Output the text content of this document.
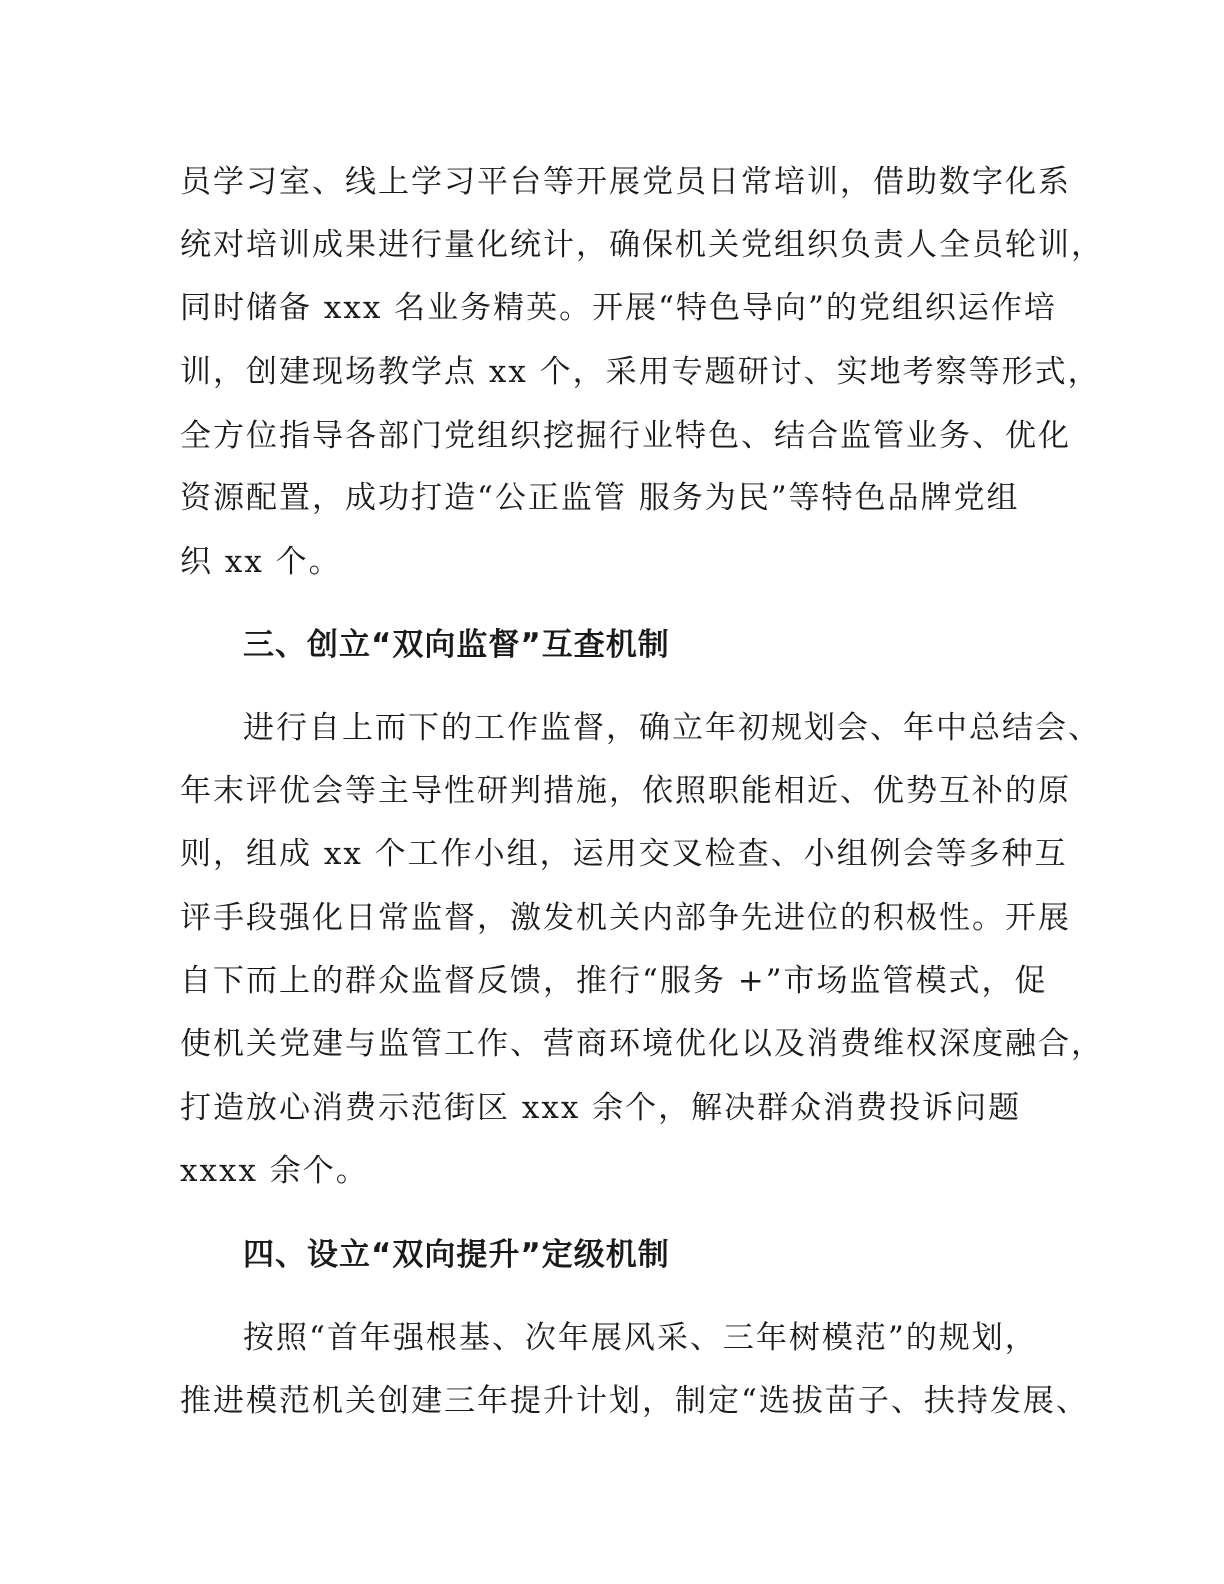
员学习室、线上学习平台等开展党员日常培训，借助数字化系
统对培训成果进行量化统计，确保机关党组织负责人全员轮训，
同时储备 xxx 名业务精英。开展“特色导向”的党组织运作培
训，创建现场教学点 xx 个，采用专题研讨、实地考察等形式，
全方位指导各部门党组织挖掘行业特色、结合监管业务、优化
资源配置，成功打造“公正监管 服务为民”等特色品牌党组
织 xx 个。
三、创立“双向监督”互查机制
进行自上而下的工作监督，确立年初规划会、年中总结会、
年末评优会等主导性研判措施，依照职能相近、优势互补的原
则，组成 xx 个工作小组，运用交叉检查、小组例会等多种互
评手段强化日常监督，激发机关内部争先进位的积极性。开展
自下而上的群众监督反馈，推行“服务 +”市场监管模式，促
使机关党建与监管工作、营商环境优化以及消费维权深度融合，
打造放心消费示范街区 xxx 余个，解决群众消费投诉问题
xxxx 余个。
四、设立“双向提升”定级机制
按照“首年强根基、次年展风采、三年树模范”的规划，
推进模范机关创建三年提升计划，制定“选拔苗子、扶持发展、
